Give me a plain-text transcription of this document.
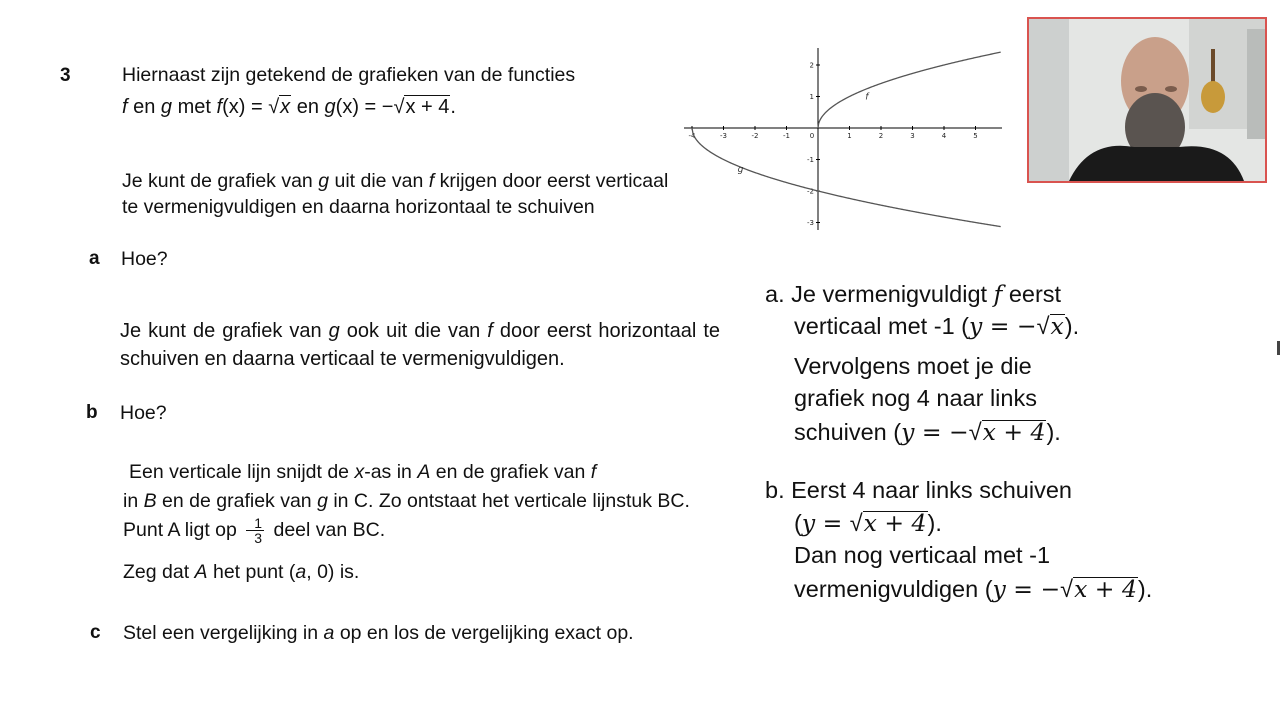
3	Hiernaast zijn getekend de grafieken van de functies
f en g met f(x) = √x en g(x) = −√x + 4.
Je kunt de grafiek van g uit die van f krijgen door eerst verticaal te vermenigvuldigen en daarna horizontaal te schuiven
a Hoe?
Je kunt de grafiek van g ook uit die van f door eerst horizontaal te schuiven en daarna verticaal te vermenigvuldigen.
b Hoe?
Een verticale lijn snijdt de x-as in A en de grafiek van f
in B en de grafiek van g in C. Zo ontstaat het verticale lijnstuk BC. Punt A ligt op $\frac{1}{3}$ deel van BC.
Zeg dat A het punt (a, 0) is.
c Stel een vergelijking in a op en los de vergelijking exact op.
-4	-3	-2	-1	0	1	2	3	4	5
2
1
-1
-2
-3
f
g
a. Je vermenigvuldigt f eerst
verticaal met -1 (y = −√x).
Vervolgens moet je die
grafiek nog 4 naar links
schuiven (y = −√x + 4).
b. Eerst 4 naar links schuiven
(y = √x + 4).
Dan nog verticaal met -1
vermenigvuldigen (y = −√x + 4).
